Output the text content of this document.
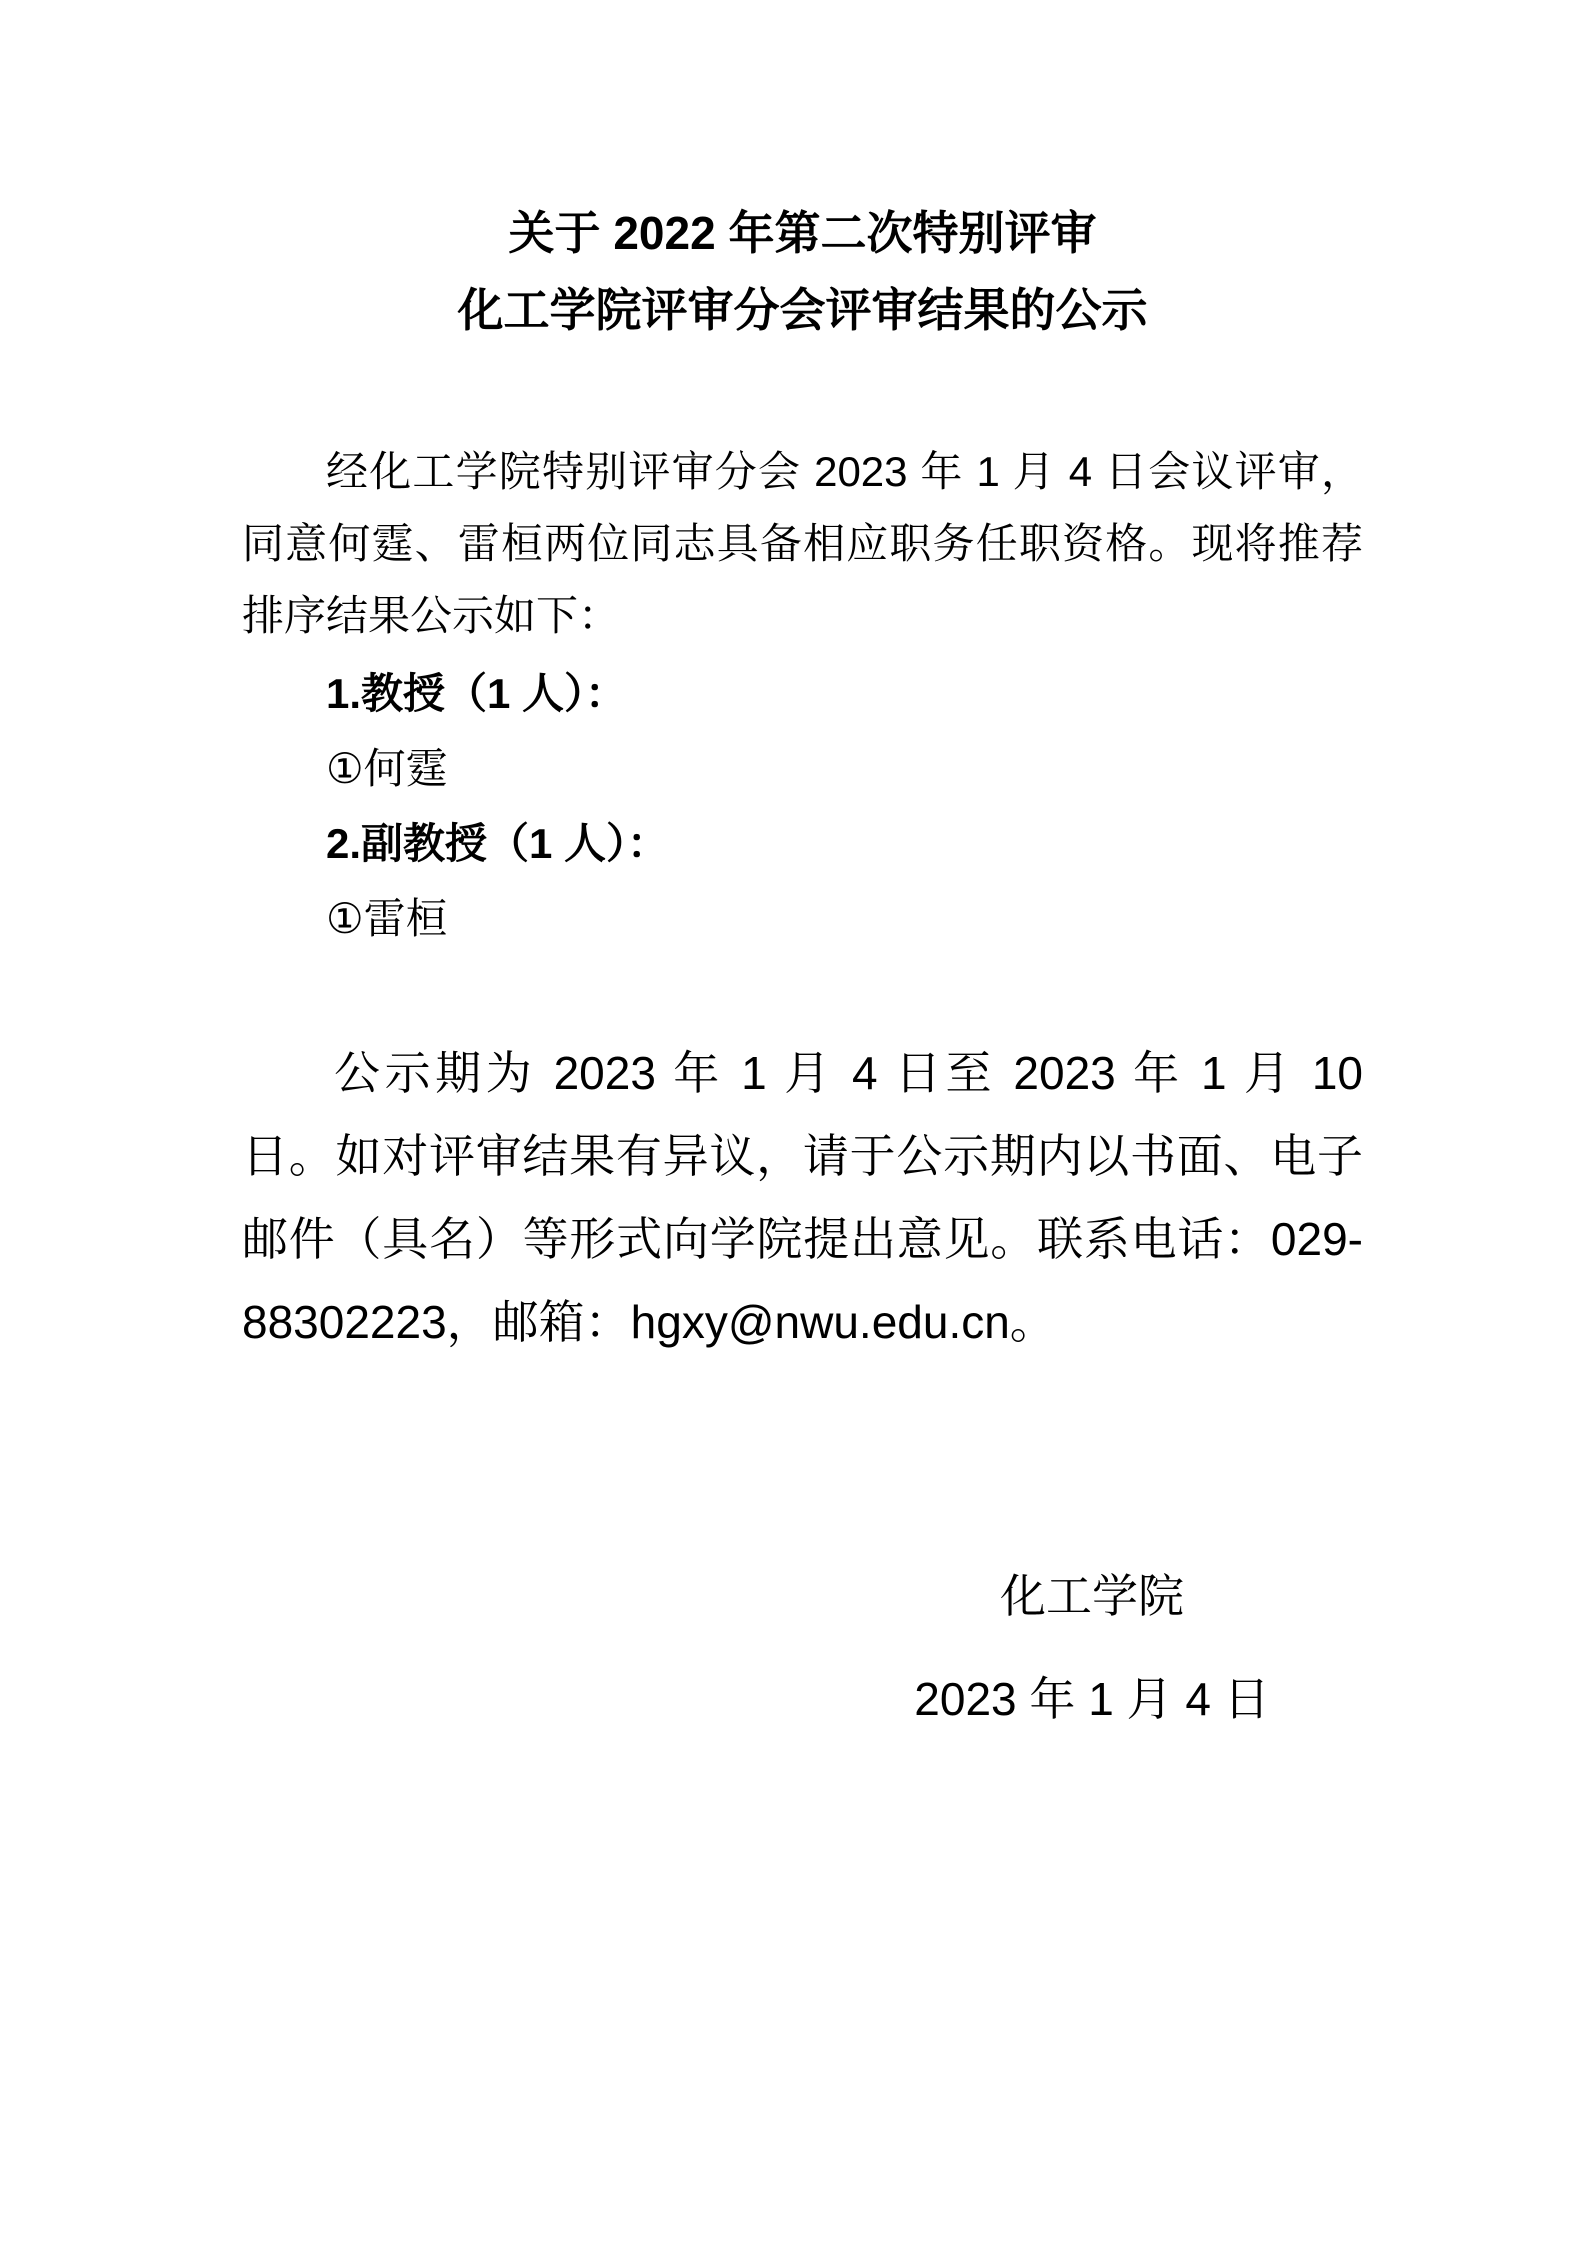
关于 2022 年第二次特别评审
化工学院评审分会评审结果的公示

经化工学院特别评审分会 2023 年 1 月 4 日会议评审，同意何霆、雷桓两位同志具备相应职务任职资格。现将推荐排序结果公示如下：

1.教授（1 人）：

①何霆

2.副教授（1 人）：

①雷桓

公示期为 2023 年 1 月 4 日至 2023 年 1 月 10 日。如对评审结果有异议，请于公示期内以书面、电子邮件（具名）等形式向学院提出意见。联系电话：029-88302223，邮箱：hgxy@nwu.edu.cn。

化工学院

2023 年 1 月 4 日
